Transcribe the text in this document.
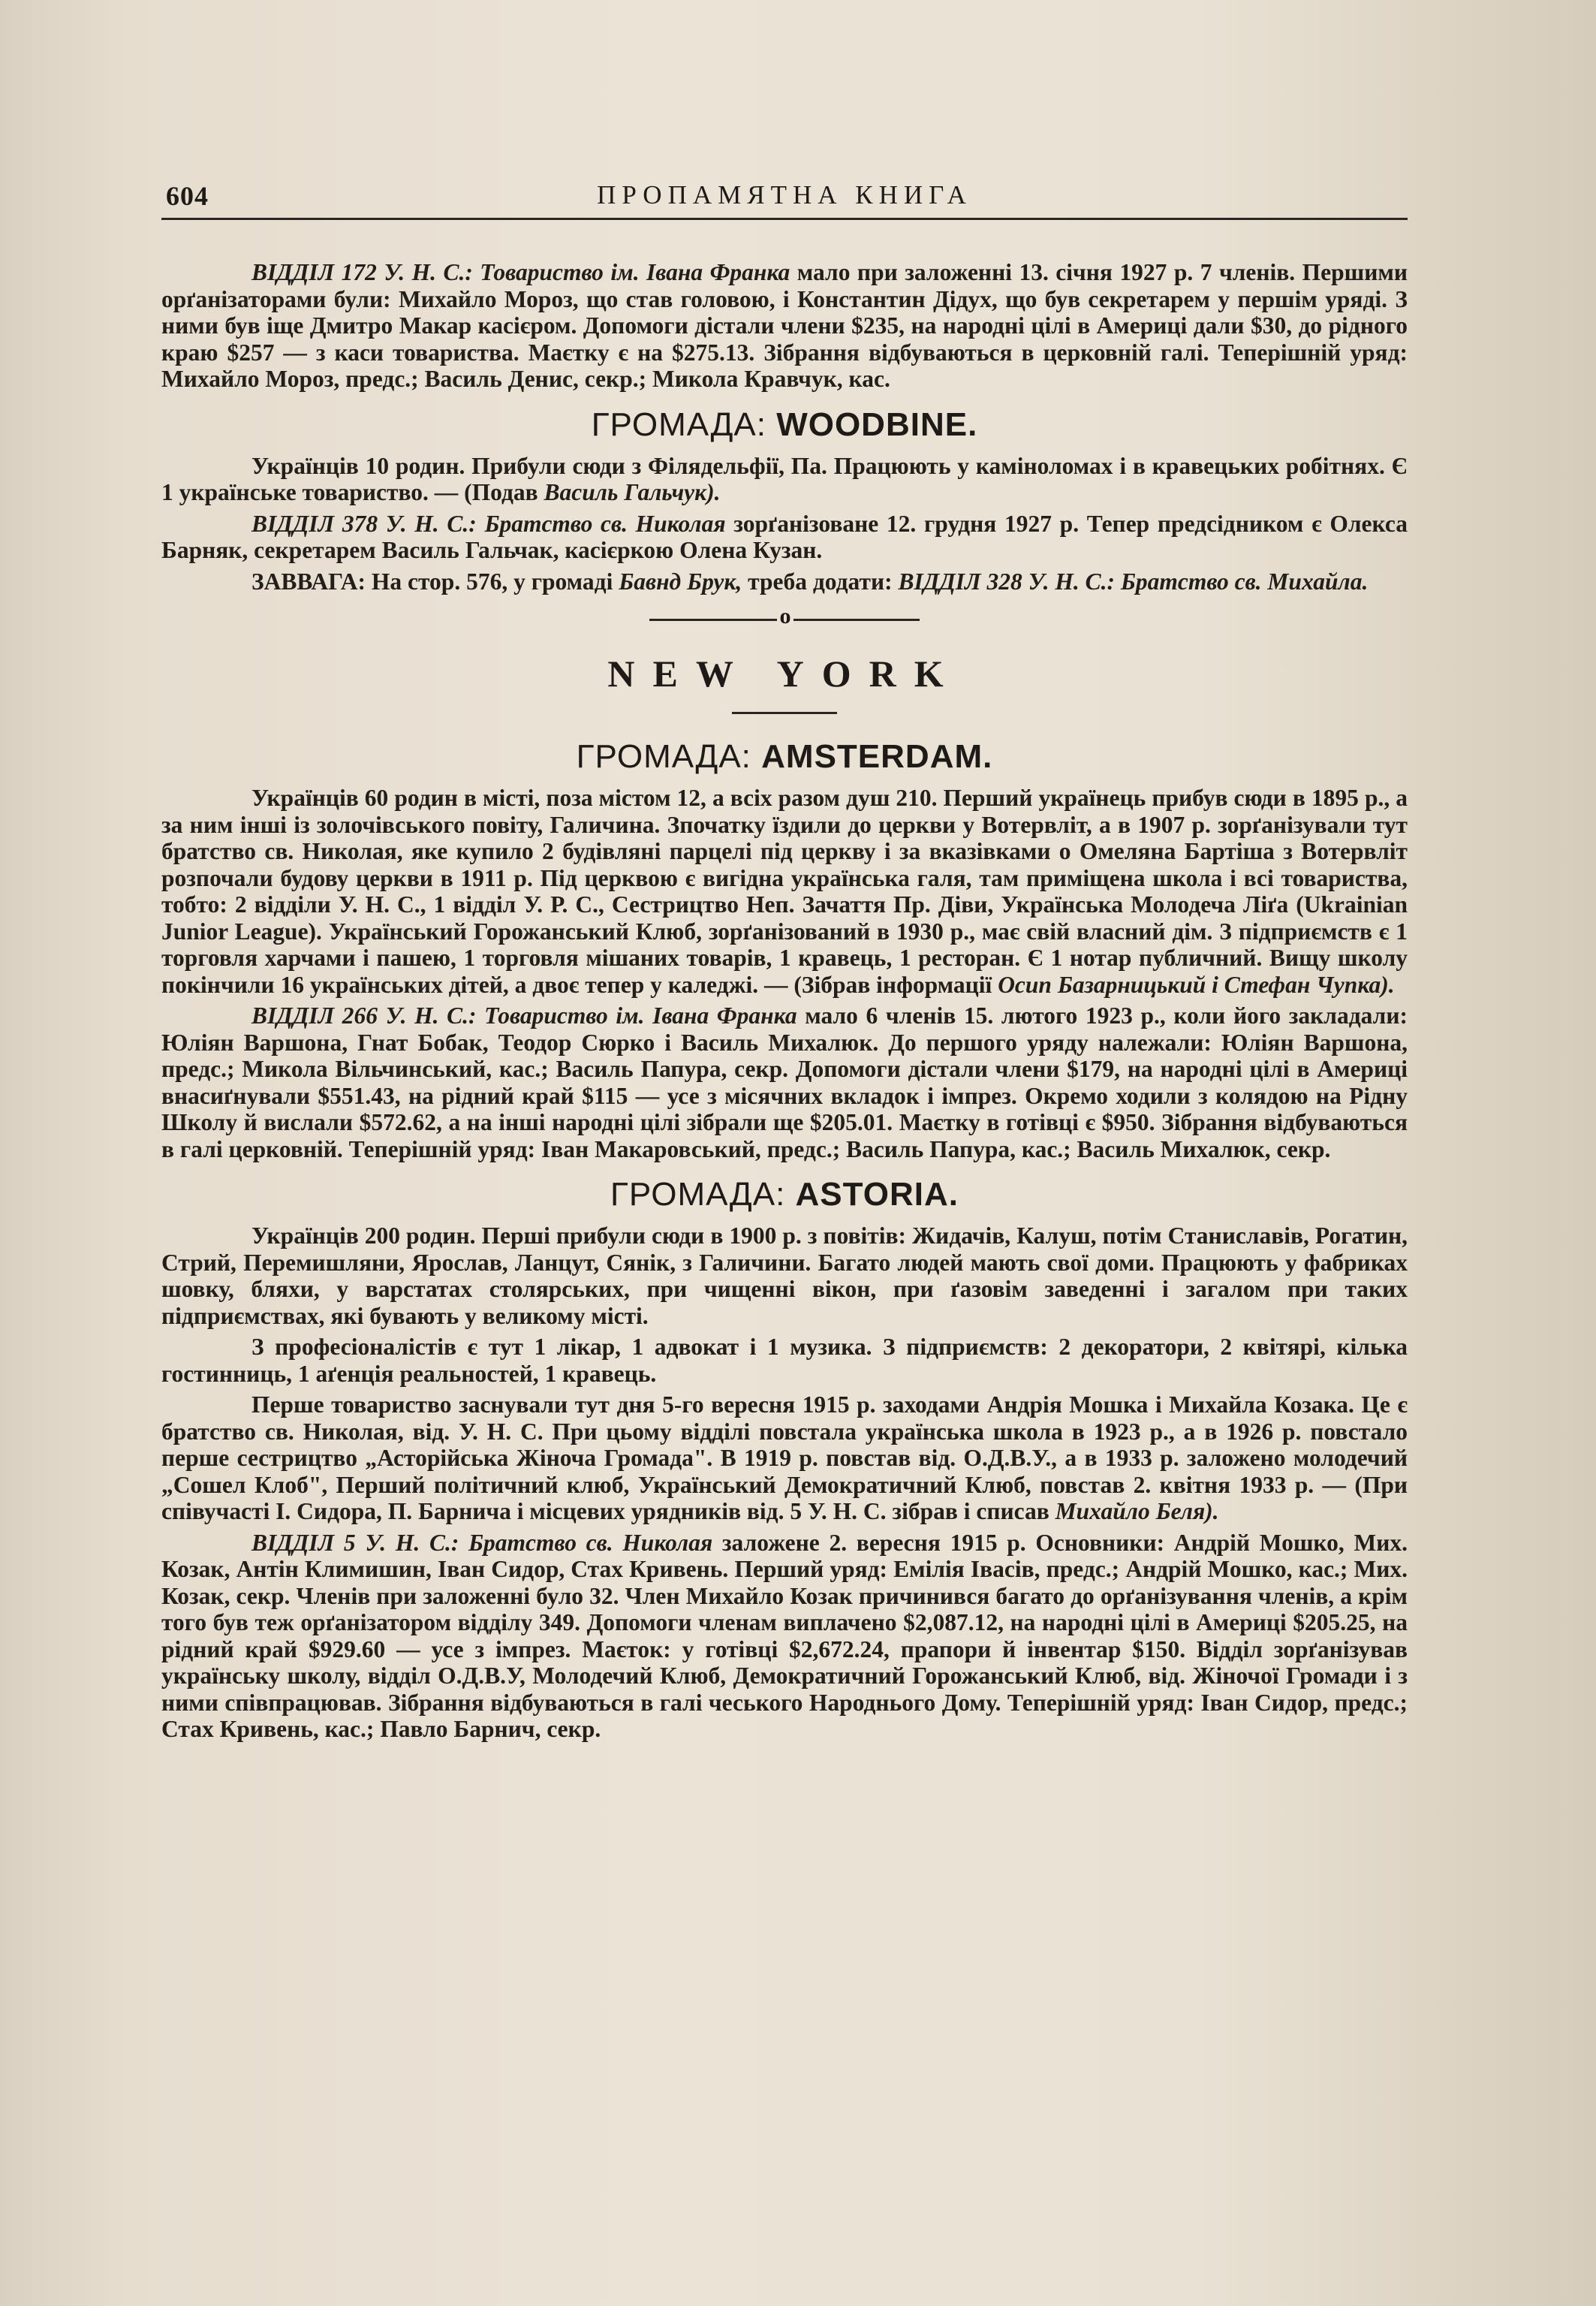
604	ПРОПАМЯТНА КНИГА

ВІДДІЛ 172 У. Н. С.: Товариство ім. Івана Франка мало при заложенні 13. січня 1927 р. 7 членів. Першими орґанізаторами були: Михайло Мороз, що став головою, і Константин Дідух, що був секретарем у першім уряді. З ними був іще Дмитро Макар касієром. Допомоги дістали члени $235, на народні цілі в Америці дали $30, до рідного краю $257 — з каси товариства. Маєтку є на $275.13. Зібрання відбуваються в церковній галі. Теперішній уряд: Михайло Мороз, предс.; Василь Денис, секр.; Микола Кравчук, кас.

ГРОМАДА: WOODBINE.

Українців 10 родин. Прибули сюди з Філядельфії, Па. Працюють у каміноломах і в кравецьких робітнях. Є 1 українське товариство. — (Подав Василь Гальчук).

ВІДДІЛ 378 У. Н. С.: Братство св. Николая зорґанізоване 12. грудня 1927 р. Тепер предсідником є Олекса Барняк, секретарем Василь Гальчак, касієркою Олена Кузан.

ЗАВВАГА: На стор. 576, у громаді Бавнд Брук, треба додати: ВІДДІЛ 328 У. Н. С.: Братство св. Михайла.

o
NEW YORK
ГРОМАДА: AMSTERDAM.

Українців 60 родин в місті, поза містом 12, а всіх разом душ 210. Перший українець прибув сюди в 1895 р., а за ним інші із золочівського повіту, Галичина. Зпочатку їздили до церкви у Вотервліт, а в 1907 р. зорґанізували тут братство св. Николая, яке купило 2 будівляні парцелі під церкву і за вказівками о Омеляна Бартіша з Вотервліт розпочали будову церкви в 1911 р. Під церквою є вигідна українська галя, там приміщена школа і всі товариства, тобто: 2 відділи У. Н. С., 1 відділ У. Р. С., Сестрицтво Неп. Зачаття Пр. Діви, Українська Молодеча Ліґа (Ukrainian Junior League). Український Горожанський Клюб, зорґанізований в 1930 р., має свій власний дім. З підприємств є 1 торговля харчами і пашею, 1 торговля мішаних товарів, 1 кравець, 1 ресторан. Є 1 нотар публичний. Вищу школу покінчили 16 українських дітей, а двоє тепер у каледжі. — (Зібрав інформації Осип Базарницький і Стефан Чупка).

ВІДДІЛ 266 У. Н. С.: Товариство ім. Івана Франка мало 6 членів 15. лютого 1923 р., коли його закладали: Юліян Варшона, Гнат Бобак, Теодор Сюрко і Василь Михалюк. До першого уряду належали: Юліян Варшона, предс.; Микола Вільчинський, кас.; Василь Папура, секр. Допомоги дістали члени $179, на народні цілі в Америці внасиґнували $551.43, на рідний край $115 — усе з місячних вкладок і імпрез. Окремо ходили з колядою на Рідну Школу й вислали $572.62, а на інші народні цілі зібрали ще $205.01. Маєтку в готівці є $950. Зібрання відбуваються в галі церковній. Теперішній уряд: Іван Макаровський, предс.; Василь Папура, кас.; Василь Михалюк, секр.

ГРОМАДА: ASTORIA.

Українців 200 родин. Перші прибули сюди в 1900 р. з повітів: Жидачів, Калуш, потім Станиславів, Рогатин, Стрий, Перемишляни, Ярослав, Ланцут, Сянік, з Галичини. Багато людей мають свої доми. Працюють у фабриках шовку, бляхи, у варстатах столярських, при чищенні вікон, при ґазовім заведенні і загалом при таких підприємствах, які бувають у великому місті.

З професіоналістів є тут 1 лікар, 1 адвокат і 1 музика. З підприємств: 2 декоратори, 2 квітярі, кілька гостинниць, 1 аґенція реальностей, 1 кравець.

Перше товариство заснували тут дня 5-го вересня 1915 р. заходами Андрія Мошка і Михайла Козака. Це є братство св. Николая, від. У. Н. С. При цьому відділі повстала українська школа в 1923 р., а в 1926 р. повстало перше сестрицтво „Асторійська Жіноча Громада". В 1919 р. повстав від. О.Д.В.У., а в 1933 р. заложено молодечий „Сошел Клоб", Перший політичний клюб, Український Демократичний Клюб, повстав 2. квітня 1933 р. — (При співучасті І. Сидора, П. Барнича і місцевих урядників від. 5 У. Н. С. зібрав і списав Михайло Беля).

ВІДДІЛ 5 У. Н. С.: Братство св. Николая заложене 2. вересня 1915 р. Основники: Андрій Мошко, Мих. Козак, Антін Климишин, Іван Сидор, Стах Кривень. Перший уряд: Емілія Івасів, предс.; Андрій Мошко, кас.; Мих. Козак, секр. Членів при заложенні було 32. Член Михайло Козак причинився багато до орґанізування членів, а крім того був теж орґанізатором відділу 349. Допомоги членам виплачено $2,087.12, на народні цілі в Америці $205.25, на рідний край $929.60 — усе з імпрез. Маєток: у готівці $2,672.24, прапори й інвентар $150. Відділ зорґанізував українську школу, відділ О.Д.В.У, Молодечий Клюб, Демократичний Горожанський Клюб, від. Жіночої Громади і з ними співпрацював. Зібрання відбуваються в галі чеського Народнього Дому. Теперішній уряд: Іван Сидор, предс.; Стах Кривень, кас.; Павло Барнич, секр.
